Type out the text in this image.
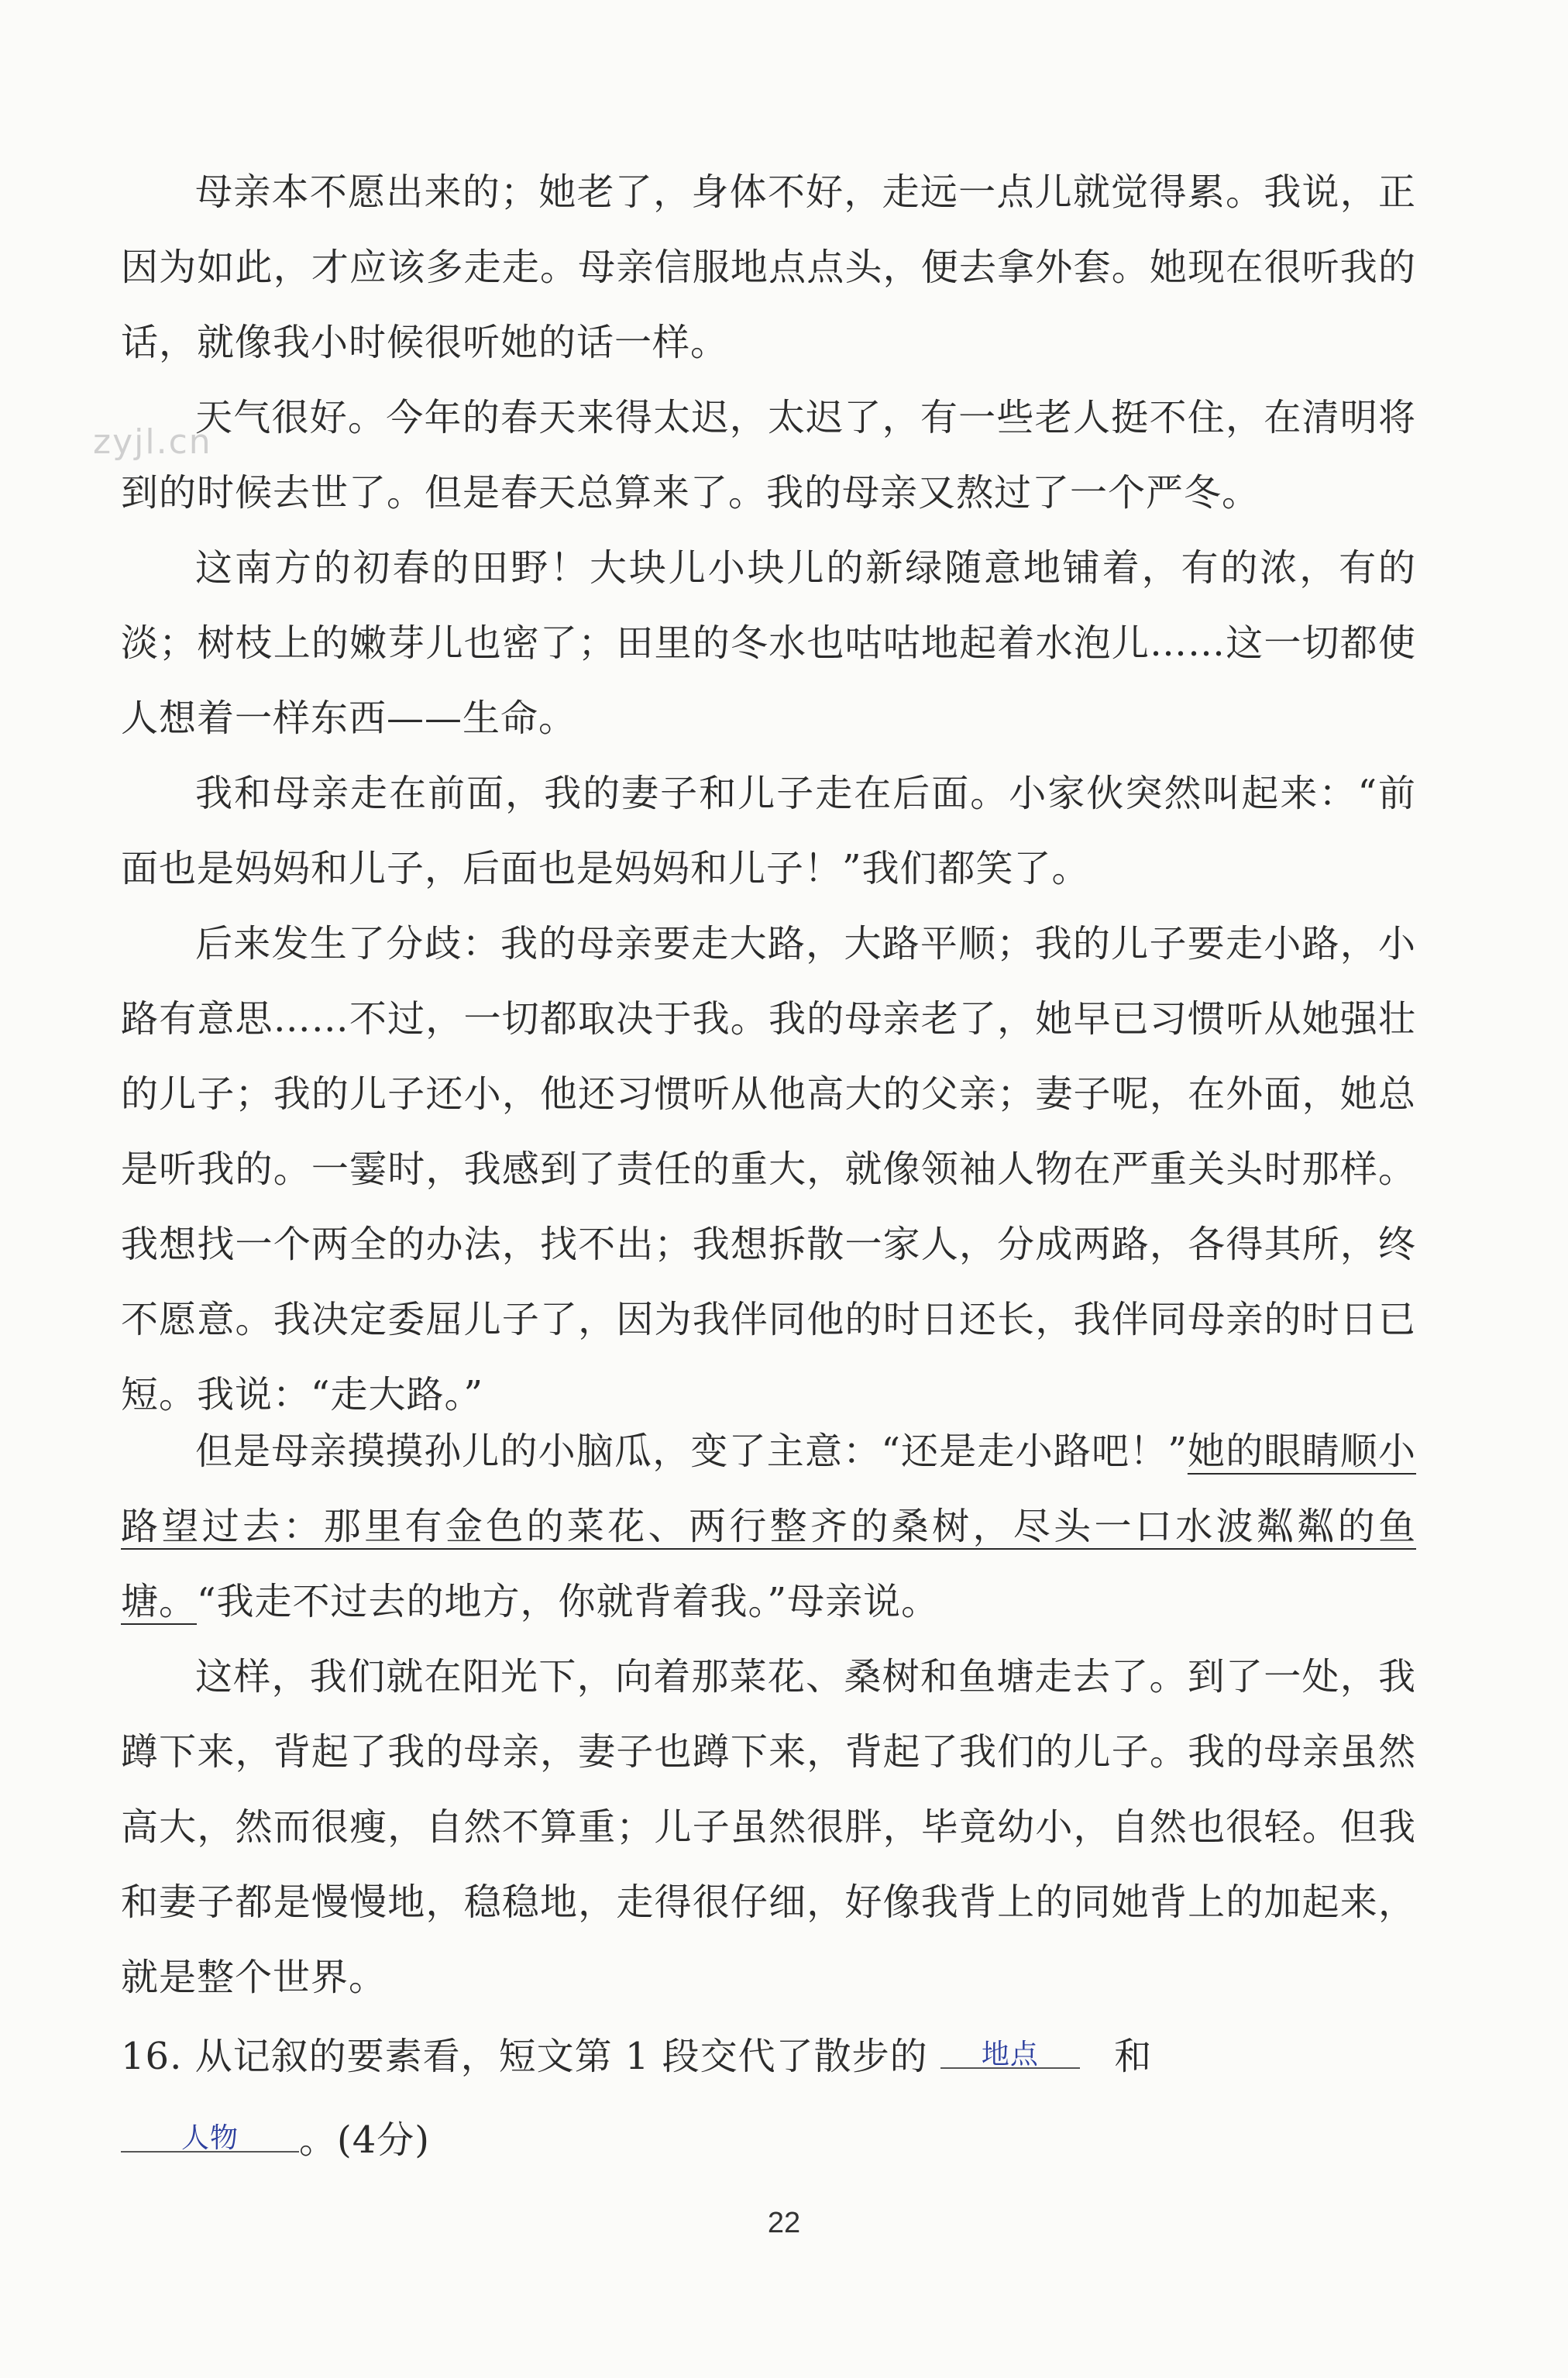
zyjl.cn

母亲本不愿出来的；她老了，身体不好，走远一点儿就觉得累。我说，正因为如此，才应该多走走。母亲信服地点点头，便去拿外套。她现在很听我的话，就像我小时候很听她的话一样。

天气很好。今年的春天来得太迟，太迟了，有一些老人挺不住，在清明将到的时候去世了。但是春天总算来了。我的母亲又熬过了一个严冬。

这南方的初春的田野！大块儿小块儿的新绿随意地铺着，有的浓，有的淡；树枝上的嫩芽儿也密了；田里的冬水也咕咕地起着水泡儿……这一切都使人想着一样东西——生命。

我和母亲走在前面，我的妻子和儿子走在后面。小家伙突然叫起来：“前面也是妈妈和儿子，后面也是妈妈和儿子！”我们都笑了。

后来发生了分歧：我的母亲要走大路，大路平顺；我的儿子要走小路，小路有意思……不过，一切都取决于我。我的母亲老了，她早已习惯听从她强壮的儿子；我的儿子还小，他还习惯听从他高大的父亲；妻子呢，在外面，她总是听我的。一霎时，我感到了责任的重大，就像领袖人物在严重关头时那样。我想找一个两全的办法，找不出；我想拆散一家人，分成两路，各得其所，终不愿意。我决定委屈儿子了，因为我伴同他的时日还长，我伴同母亲的时日已短。我说：“走大路。”

但是母亲摸摸孙儿的小脑瓜，变了主意：“还是走小路吧！”她的眼睛顺小路望过去：那里有金色的菜花、两行整齐的桑树，尽头一口水波粼粼的鱼塘。“我走不过去的地方，你就背着我。”母亲说。

这样，我们就在阳光下，向着那菜花、桑树和鱼塘走去了。到了一处，我蹲下来，背起了我的母亲，妻子也蹲下来，背起了我们的儿子。我的母亲虽然高大，然而很瘦，自然不算重；儿子虽然很胖，毕竟幼小，自然也很轻。但我和妻子都是慢慢地，稳稳地，走得很仔细，好像我背上的同她背上的加起来，就是整个世界。

16. 从记叙的要素看，短文第 1 段交代了散步的	地点	和

人物	。(4分)
22
